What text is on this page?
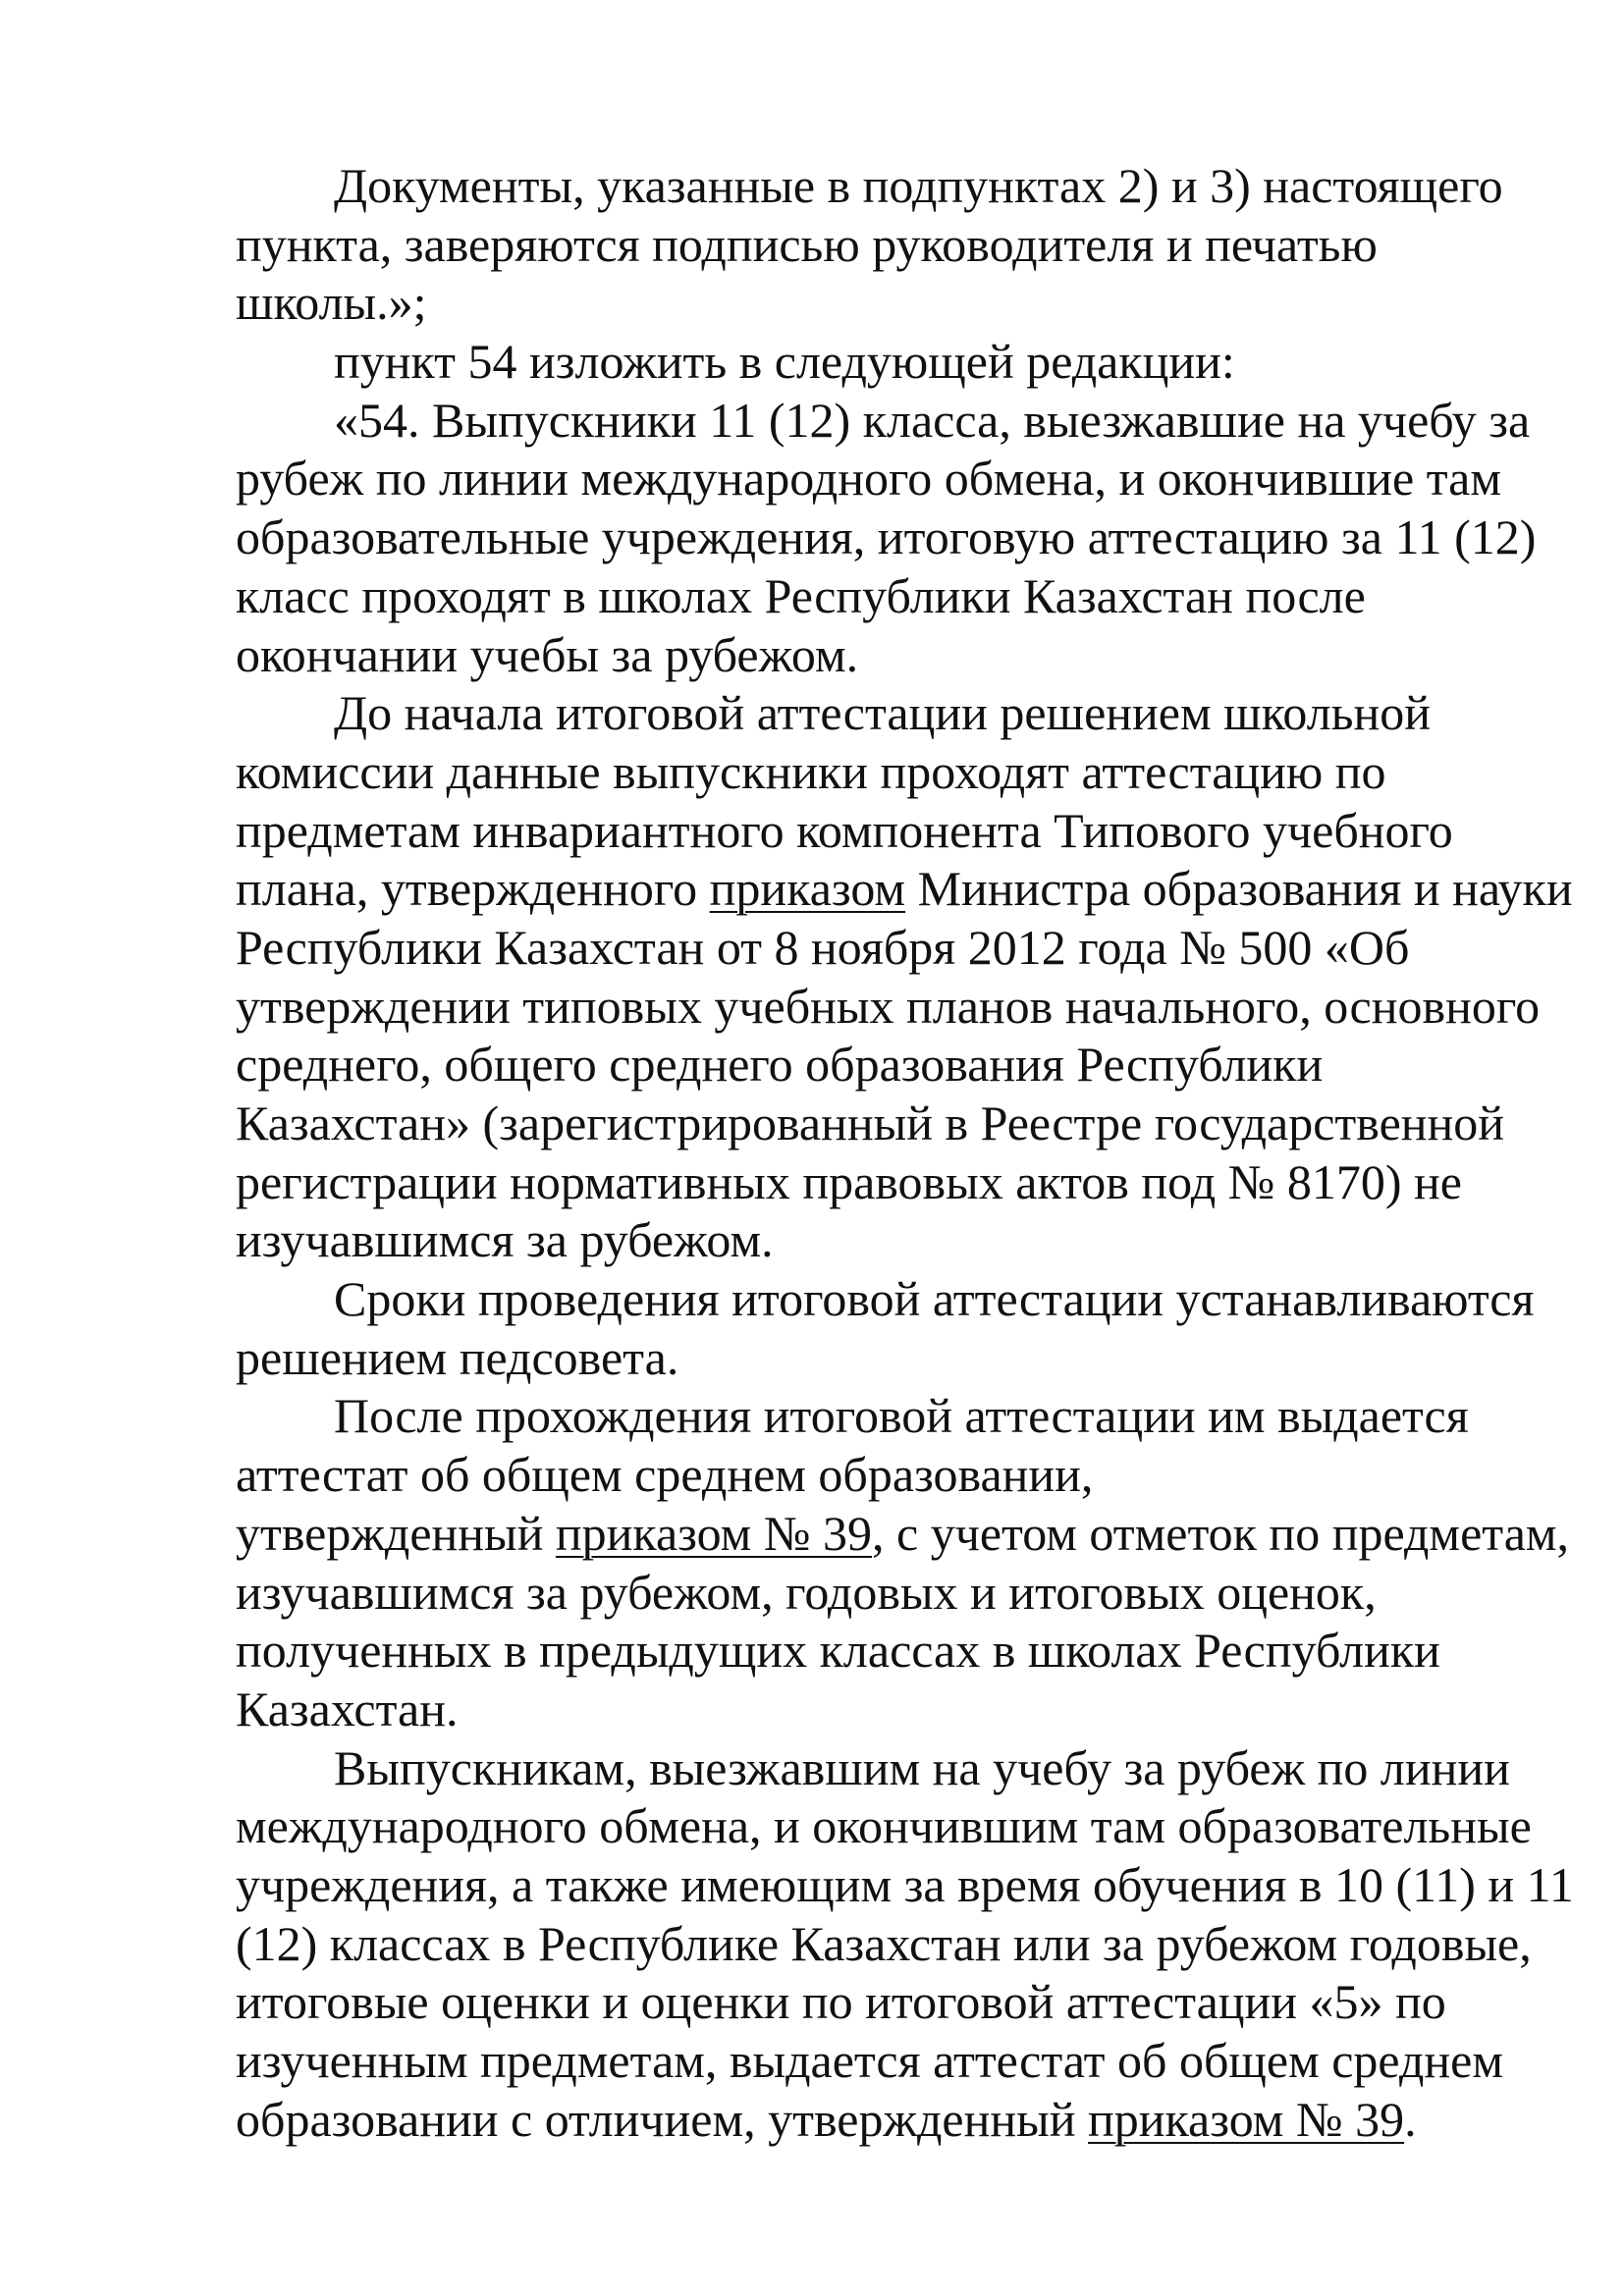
Документы, указанные в подпунктах 2) и 3) настоящего
пункта, заверяются подписью руководителя и печатью
школы.»;
пункт 54 изложить в следующей редакции:
«54. Выпускники 11 (12) класса, выезжавшие на учебу за
рубеж по линии международного обмена, и окончившие там
образовательные учреждения, итоговую аттестацию за 11 (12)
класс проходят в школах Республики Казахстан после
окончании учебы за рубежом.
До начала итоговой аттестации решением школьной
комиссии данные выпускники проходят аттестацию по
предметам инвариантного компонента Типового учебного
плана, утвержденного приказом Министра образования и науки
Республики Казахстан от 8 ноября 2012 года № 500 «Об
утверждении типовых учебных планов начального, основного
среднего, общего среднего образования Республики
Казахстан» (зарегистрированный в Реестре государственной
регистрации нормативных правовых актов под № 8170) не
изучавшимся за рубежом.
Сроки проведения итоговой аттестации устанавливаются
решением педсовета.
После прохождения итоговой аттестации им выдается
аттестат об общем среднем образовании,
утвержденный приказом № 39, с учетом отметок по предметам,
изучавшимся за рубежом, годовых и итоговых оценок,
полученных в предыдущих классах в школах Республики
Казахстан.
Выпускникам, выезжавшим на учебу за рубеж по линии
международного обмена, и окончившим там образовательные
учреждения, а также имеющим за время обучения в 10 (11) и 11
(12) классах в Республике Казахстан или за рубежом годовые,
итоговые оценки и оценки по итоговой аттестации «5» по
изученным предметам, выдается аттестат об общем среднем
образовании с отличием, утвержденный приказом № 39.
